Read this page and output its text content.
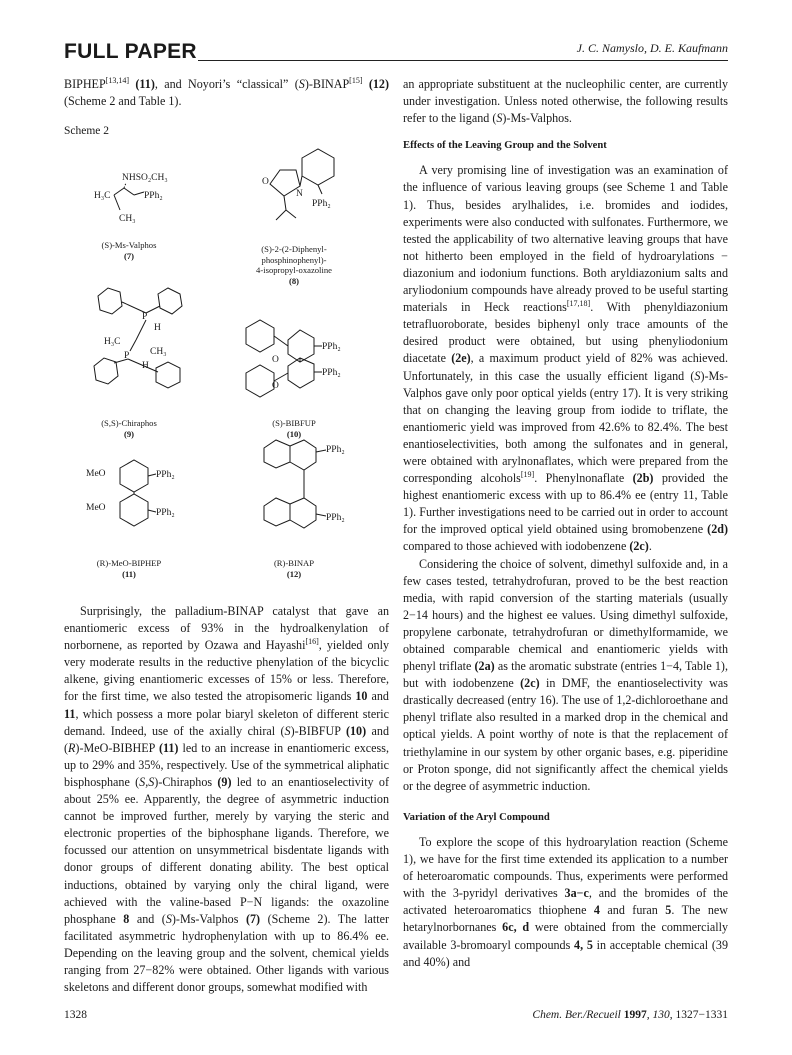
FULL PAPER	J. C. Namyslo, D. E. Kaufmann

BIPHEP[13,14] (11), and Noyori’s “classical” (S)-BINAP[15] (12) (Scheme 2 and Table 1).

Scheme 2

NHSO₂CH₃
H₃C	PPh₂
CH₃
O
N
PPh₂
P
H
H₃C
CH₃
P
H
O
O
PPh₂
PPh₂
MeO
MeO
PPh₂
PPh₂
PPh₂
PPh₂
(S)-Ms-Valphos
(7)
(S)-2-(2-Diphenyl-
phosphinophenyl)-
4-isopropyl-oxazoline
(8)
(S,S)-Chiraphos
(9)
(S)-BIBFUP
(10)
(R)-MeO-BIPHEP
(11)
(R)-BINAP
(12)

Surprisingly, the palladium-BINAP catalyst that gave an enantiomeric excess of 93% in the hydroalkenylation of norbornene, as reported by Ozawa and Hayashi[16], yielded only very moderate results in the reductive phenylation of the bicyclic alkene, giving enantiomeric excesses of 15% or less. Therefore, for the first time, we also tested the atropisomeric ligands 10 and 11, which possess a more polar biaryl skeleton of different steric demand. Indeed, use of the axially chiral (S)-BIBFUP (10) and (R)-MeO-BIBHEP (11) led to an increase in enantiomeric excess, up to 29% and 35%, respectively. Use of the symmetrical aliphatic bisphosphane (S,S)-Chiraphos (9) led to an enantioselectivity of about 25% ee. Apparently, the degree of asymmetric induction cannot be improved further, merely by varying the steric and electronic properties of the biphosphane ligands. Therefore, we focussed our attention on unsymmetrical bisdentate ligands with donor groups of different donating ability. The best optical inductions, obtained by varying only the chiral ligand, were achieved with the valine-based P−N ligands: the oxazoline phosphane 8 and (S)-Ms-Valphos (7) (Scheme 2). The latter facilitated asymmetric hydrophenylation with up to 86.4% ee. Depending on the leaving group and the solvent, chemical yields ranging from 27−82% were obtained. Other ligands with various skeletons and different donor groups, somewhat modified with

an appropriate substituent at the nucleophilic center, are currently under investigation. Unless noted otherwise, the following results refer to the ligand (S)-Ms-Valphos.

Effects of the Leaving Group and the Solvent

A very promising line of investigation was an examination of the influence of various leaving groups (see Scheme 1 and Table 1). Thus, besides arylhalides, i.e. bromides and iodides, experiments were also conducted with sulfonates. Furthermore, we tested the applicability of two alternative leaving groups that have not hitherto been employed in the field of hydroarylations − diazonium and iodonium functions. Both aryldiazonium salts and aryliodonium compounds have already proved to be useful starting materials in Heck reactions[17,18]. With phenyldiazonium tetrafluoroborate, besides biphenyl only trace amounts of the desired product were obtained, but using phenyliodonium diacetate (2e), a maximum product yield of 82% was achieved. Unfortunately, in this case the usually efficient ligand (S)-Ms-Valphos gave only poor optical yields (entry 17). It is very striking that on changing the leaving group from iodide to triflate, the enantiomeric yield was improved from 42.6% to 82.4%. The best enantioselectivities, both among the sulfonates and in general, were obtained with arylnonaflates, which were prepared from the corresponding alcohols[19]. Phenylnonaflate (2b) provided the highest enantiomeric excess with up to 86.4% ee (entry 11, Table 1). Further investigations need to be carried out in order to account for the improved optical yield obtained using bromobenzene (2d) compared to those achieved with iodobenzene (2c).

Considering the choice of solvent, dimethyl sulfoxide and, in a few cases tested, tetrahydrofuran, proved to be the best reaction media, with rapid conversion of the starting materials (usually 2−14 hours) and the highest ee values. Using dimethyl sulfoxide, propylene carbonate, tetrahydrofuran or dimethylformamide, we obtained comparable chemical and enantiomeric yields with phenyl triflate (2a) as the aromatic substrate (entries 1−4, Table 1), but with iodobenzene (2c) in DMF, the enantioselectivity was drastically decreased (entry 16). The use of 1,2-dichloroethane and phenyl triflate also resulted in a marked drop in the chemical and optical yields. A point worthy of note is that the replacement of triethylamine in our system by other organic bases, e.g. piperidine or Proton sponge, did not significantly affect the chemical yields or the degree of asymmetric induction.

Variation of the Aryl Compound

To explore the scope of this hydroarylation reaction (Scheme 1), we have for the first time extended its application to a number of heteroaromatic compounds. Thus, experiments were performed with the 3-pyridyl derivatives 3a−c, and the bromides of the activated heteroaromatics thiophene 4 and furan 5. The new hetarylnorbornanes 6c, d were obtained from the commercially available 3-bromoaryl compounds 4, 5 in acceptable chemical (39 and 40%) and

1328	Chem. Ber./Recueil 1997, 130, 1327−1331
